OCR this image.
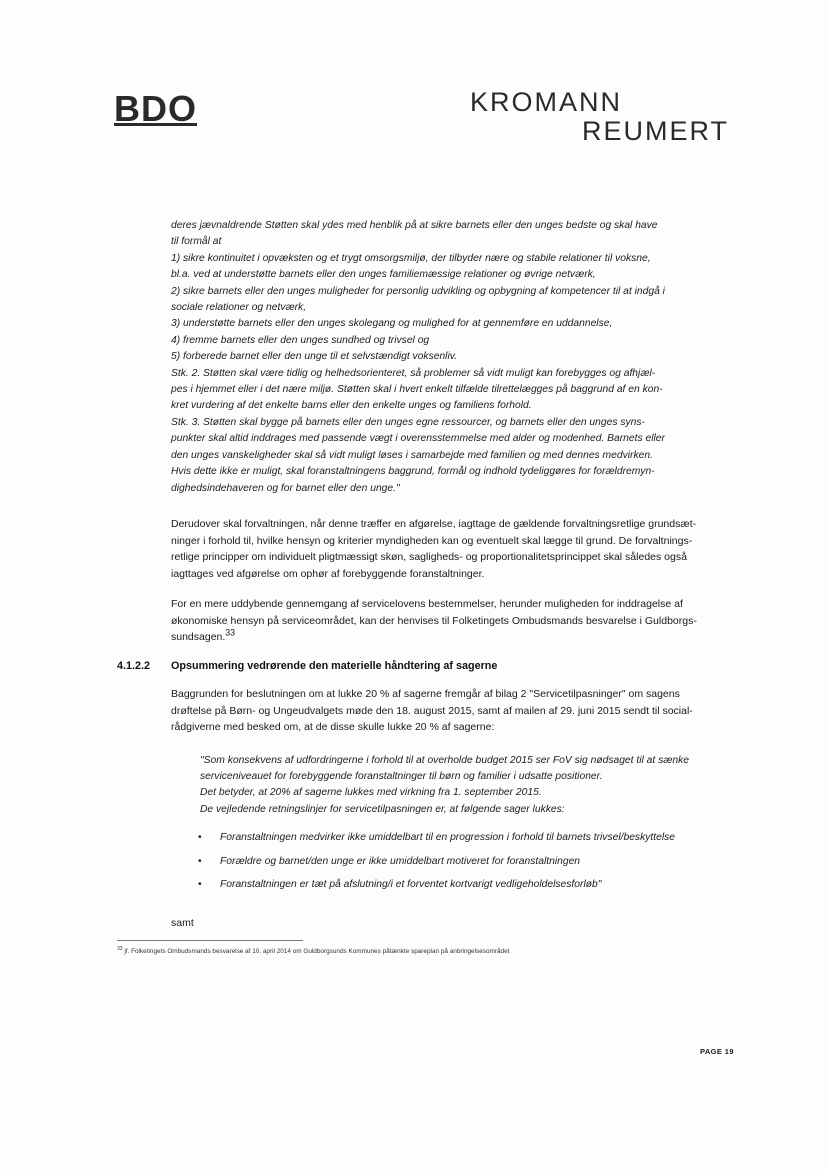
BDO	KROMANN
REUMERT

deres jævnaldrende Støtten skal ydes med henblik på at sikre barnets eller den unges bedste og skal have

til formål at

1) sikre kontinuitet i opvæksten og et trygt omsorgsmiljø, der tilbyder nære og stabile relationer til voksne,

bl.a. ved at understøtte barnets eller den unges familiemæssige relationer og øvrige netværk,

2) sikre barnets eller den unges muligheder for personlig udvikling og opbygning af kompetencer til at indgå i

sociale relationer og netværk,

3) understøtte barnets eller den unges skolegang og mulighed for at gennemføre en uddannelse,

4) fremme barnets eller den unges sundhed og trivsel og

5) forberede barnet eller den unge til et selvstændigt voksenliv.

Stk. 2. Støtten skal være tidlig og helhedsorienteret, så problemer så vidt muligt kan forebygges og afhjæl-

pes i hjemmet eller i det nære miljø. Støtten skal i hvert enkelt tilfælde tilrettelægges på baggrund af en kon-

kret vurdering af det enkelte barns eller den enkelte unges og familiens forhold.

Stk. 3. Støtten skal bygge på barnets eller den unges egne ressourcer, og barnets eller den unges syns-

punkter skal altid inddrages med passende vægt i overensstemmelse med alder og modenhed. Barnets eller

den unges vanskeligheder skal så vidt muligt løses i samarbejde med familien og med dennes medvirken.

Hvis dette ikke er muligt, skal foranstaltningens baggrund, formål og indhold tydeliggøres for forældremyn-

dighedsindehaveren og for barnet eller den unge."

Derudover skal forvaltningen, når denne træffer en afgørelse, iagttage de gældende forvaltningsretlige grundsæt-

ninger i forhold til, hvilke hensyn og kriterier myndigheden kan og eventuelt skal lægge til grund. De forvaltnings-

retlige principper om individuelt pligtmæssigt skøn, sagligheds- og proportionalitetsprincippet skal således også

iagttages ved afgørelse om ophør af forebyggende foranstaltninger.

For en mere uddybende gennemgang af servicelovens bestemmelser, herunder muligheden for inddragelse af

økonomiske hensyn på serviceområdet, kan der henvises til Folketingets Ombudsmands besvarelse i Guldborgs-

sundsagen.$^{33}$

4.1.2.2 Opsummering vedrørende den materielle håndtering af sagerne

Baggrunden for beslutningen om at lukke 20 % af sagerne fremgår af bilag 2 "Servicetilpasninger" om sagens

drøftelse på Børn- og Ungeudvalgets møde den 18. august 2015, samt af mailen af 29. juni 2015 sendt til social-

rådgiverne med besked om, at de disse skulle lukke 20 % af sagerne:

"Som konsekvens af udfordringerne i forhold til at overholde budget 2015 ser FoV sig nødsaget til at sænke

serviceniveauet for forebyggende foranstaltninger til børn og familier i udsatte positioner.

Det betyder, at 20% af sagerne lukkes med virkning fra 1. september 2015.

De vejledende retningslinjer for servicetilpasningen er, at følgende sager lukkes:

• Foranstaltningen medvirker ikke umiddelbart til en progression i forhold til barnets trivsel/beskyttelse
• Forældre og barnet/den unge er ikke umiddelbart motiveret for foranstaltningen
• Foranstaltningen er tæt på afslutning/i et forventet kortvarigt vedligeholdelsesforløb"
samt
$^{33}$ jf. Folketingets Ombudsmands besvarelse af 10. april 2014 om Guldborgsunds Kommunes påtænkte spareplan på anbringelsesområdet
PAGE 19
